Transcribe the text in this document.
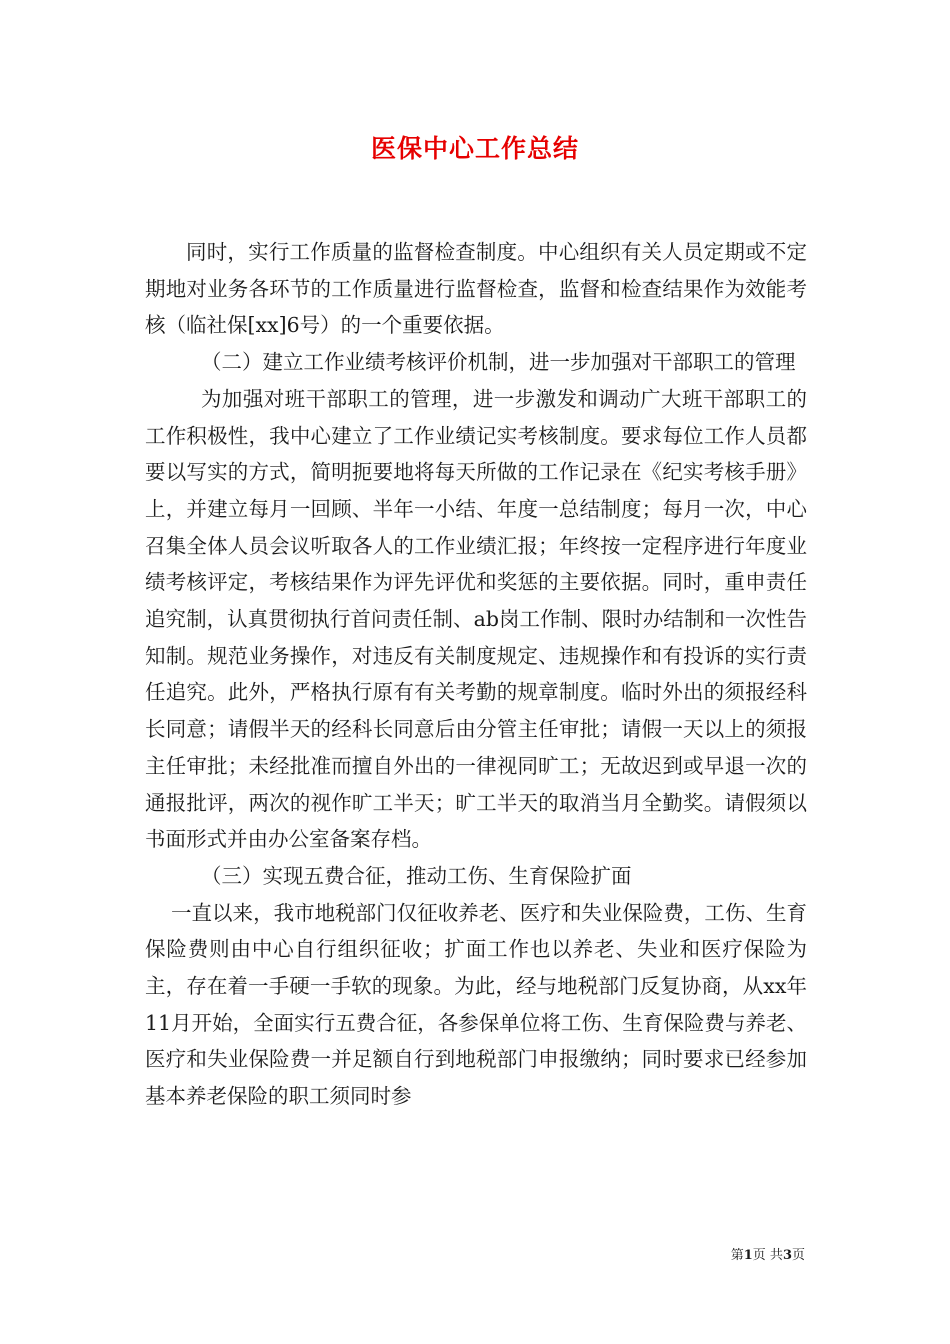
医保中心工作总结

同时，实行工作质量的监督检查制度。中心组织有关人员定期或不定期地对业务各环节的工作质量进行监督检查，监督和检查结果作为效能考核（临社保[xx]6号）的一个重要依据。

（二）建立工作业绩考核评价机制，进一步加强对干部职工的管理

为加强对班干部职工的管理，进一步激发和调动广大班干部职工的工作积极性，我中心建立了工作业绩记实考核制度。要求每位工作人员都要以写实的方式，简明扼要地将每天所做的工作记录在《纪实考核手册》上，并建立每月一回顾、半年一小结、年度一总结制度；每月一次，中心召集全体人员会议听取各人的工作业绩汇报；年终按一定程序进行年度业绩考核评定，考核结果作为评先评优和奖惩的主要依据。同时，重申责任追究制，认真贯彻执行首问责任制、ab岗工作制、限时办结制和一次性告知制。规范业务操作，对违反有关制度规定、违规操作和有投诉的实行责任追究。此外，严格执行原有有关考勤的规章制度。临时外出的须报经科长同意；请假半天的经科长同意后由分管主任审批；请假一天以上的须报主任审批；未经批准而擅自外出的一律视同旷工；无故迟到或早退一次的通报批评，两次的视作旷工半天；旷工半天的取消当月全勤奖。请假须以书面形式并由办公室备案存档。

（三）实现五费合征，推动工伤、生育保险扩面

一直以来，我市地税部门仅征收养老、医疗和失业保险费，工伤、生育保险费则由中心自行组织征收；扩面工作也以养老、失业和医疗保险为主，存在着一手硬一手软的现象。为此，经与地税部门反复协商，从xx年11月开始，全面实行五费合征，各参保单位将工伤、生育保险费与养老、医疗和失业保险费一并足额自行到地税部门申报缴纳；同时要求已经参加基本养老保险的职工须同时参

第1页 共3页
